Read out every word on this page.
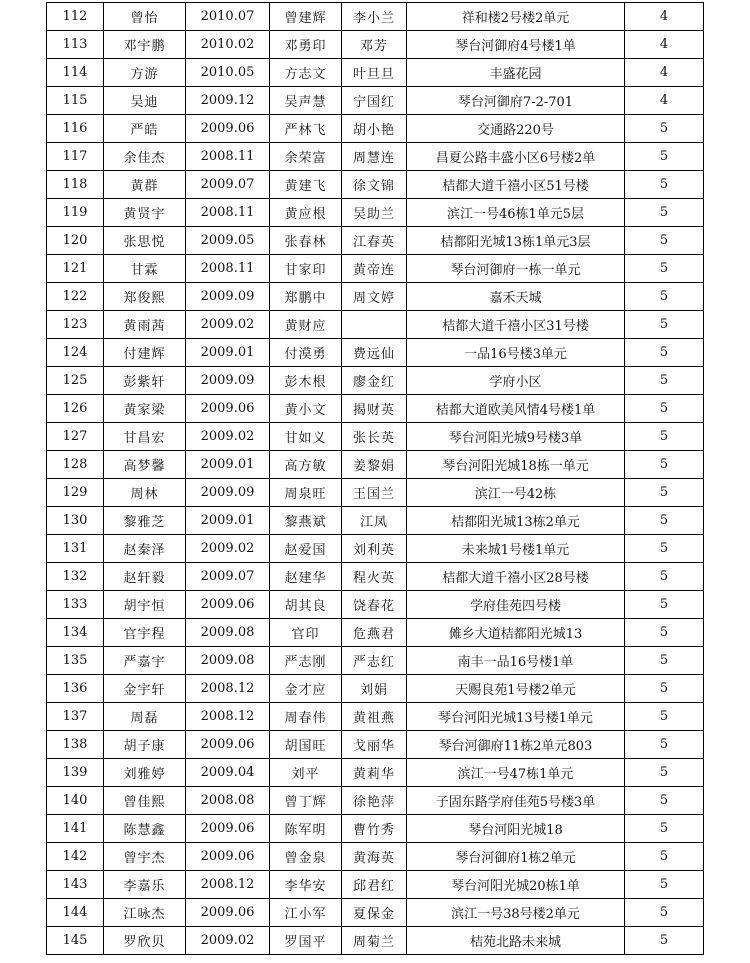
112	曾怡	2010.07	曾建辉	李小兰	祥和楼2号楼2单元	4
113	邓宇鹏	2010.02	邓勇印	邓芳	琴台河御府4号楼1单	4
114	方游	2010.05	方志文	叶旦旦	丰盛花园	4
115	吴迪	2009.12	吴声慧	宁国红	琴台河御府7-2-701	4
116	严皓	2009.06	严林飞	胡小艳	交通路220号	5
117	余佳杰	2008.11	余荣富	周慧连	昌夏公路丰盛小区6号楼2单	5
118	黄群	2009.07	黄建飞	徐文锦	桔都大道千禧小区51号楼	5
119	黄贤宇	2008.11	黄应根	吴助兰	滨江一号46栋1单元5层	5
120	张思悦	2009.05	张春林	江春英	桔都阳光城13栋1单元3层	5
121	甘霖	2008.11	甘家印	黄帝连	琴台河御府一栋一单元	5
122	郑俊熙	2009.09	郑鹏中	周文婷	嘉禾天城	5
123	黄雨茜	2009.02	黄财应		桔都大道千禧小区31号楼	5
124	付建辉	2009.01	付漠勇	费远仙	一品16号楼3单元	5
125	彭紫轩	2009.09	彭木根	廖金红	学府小区	5
126	黄家梁	2009.06	黄小文	揭财英	桔都大道欧美风情4号楼1单	5
127	甘昌宏	2009.02	甘如义	张长英	琴台河阳光城9号楼3单	5
128	高梦馨	2009.01	高方敏	姜黎娟	琴台河阳光城18栋一单元	5
129	周林	2009.09	周泉旺	王国兰	滨江一号42栋	5
130	黎雅芝	2009.01	黎燕斌	江凤	桔都阳光城13栋2单元	5
131	赵秦泽	2009.02	赵爱国	刘利英	未来城1号楼1单元	5
132	赵轩毅	2009.07	赵建华	程火英	桔都大道千禧小区28号楼	5
133	胡宇恒	2009.06	胡其良	饶春花	学府佳苑四号楼	5
134	官宇程	2009.08	官印	危燕君	傩乡大道桔都阳光城13	5
135	严嘉宇	2009.08	严志刚	严志红	南丰一品16号楼1单	5
136	金宇轩	2008.12	金才应	刘娟	天赐良苑1号楼2单元	5
137	周磊	2008.12	周春伟	黄祖燕	琴台河阳光城13号楼1单元	5
138	胡子康	2009.06	胡国旺	戈丽华	琴台河御府11栋2单元803	5
139	刘雅婷	2009.04	刘平	黄莉华	滨江一号47栋1单元	5
140	曾佳熙	2008.08	曾丁辉	徐艳萍	子固东路学府佳苑5号楼3单	5
141	陈慧鑫	2009.06	陈军明	曹竹秀	琴台河阳光城18	5
142	曾宇杰	2009.06	曾金泉	黄海英	琴台河御府1栋2单元	5
143	李嘉乐	2008.12	李华安	邱君红	琴台河阳光城20栋1单	5
144	江咏杰	2009.06	江小军	夏保金	滨江一号38号楼2单元	5
145	罗欣贝	2009.02	罗国平	周菊兰	桔苑北路未来城	5
